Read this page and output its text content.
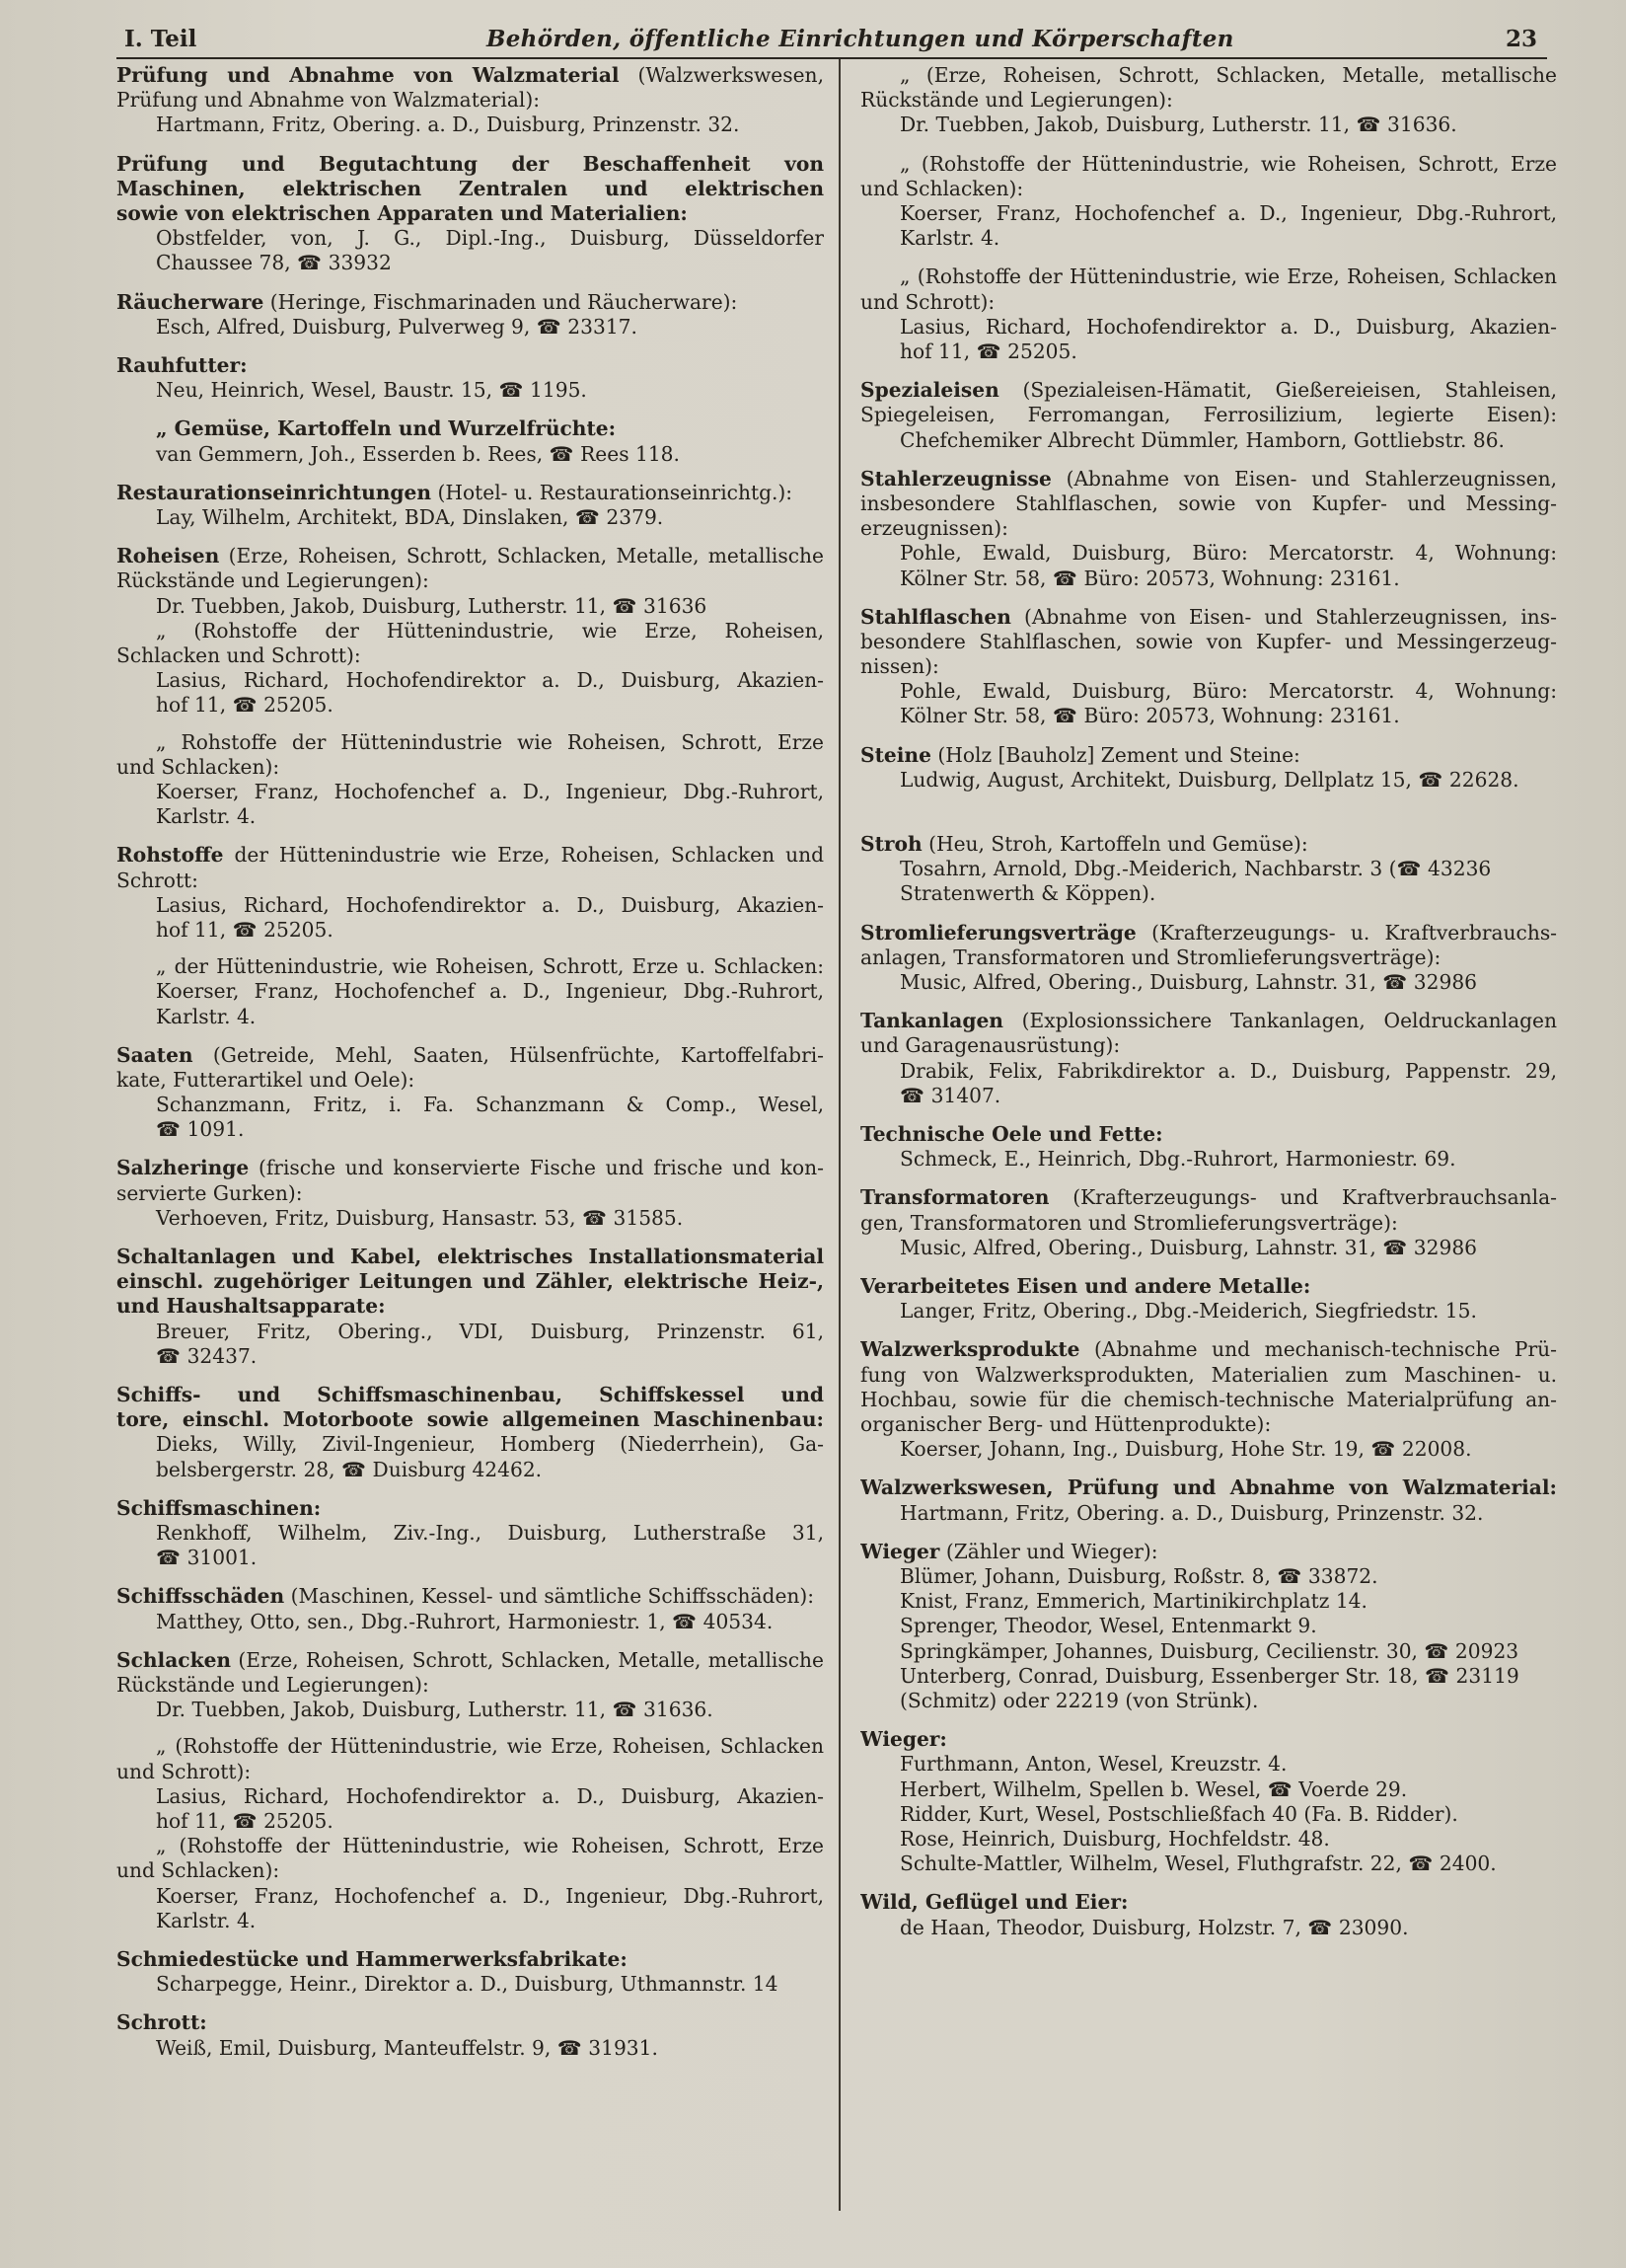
I. Teil	Behörden, öffentliche Einrichtungen und Körperschaften	23
Prüfung und Abnahme von Walzmaterial (Walzwerkswesen,
Prüfung und Abnahme von Walzmaterial):
Hartmann, Fritz, Obering. a. D., Duisburg, Prinzenstr. 32.
Prüfung und Begutachtung der Beschaffenheit von
Maschinen, elektrischen Zentralen und elektrischen
sowie von elektrischen Apparaten und Materialien:
Obstfelder, von, J. G., Dipl.-Ing., Duisburg, Düsseldorfer
Chaussee 78, ☎ 33932
Räucherware (Heringe, Fischmarinaden und Räucherware):
Esch, Alfred, Duisburg, Pulverweg 9, ☎ 23317.
Rauhfutter:
Neu, Heinrich, Wesel, Baustr. 15, ☎ 1195.
„ Gemüse, Kartoffeln und Wurzelfrüchte:
van Gemmern, Joh., Esserden b. Rees, ☎ Rees 118.
Restaurationseinrichtungen (Hotel- u. Restaurationseinrichtg.):
Lay, Wilhelm, Architekt, BDA, Dinslaken, ☎ 2379.
Roheisen (Erze, Roheisen, Schrott, Schlacken, Metalle, metallische
Rückstände und Legierungen):
Dr. Tuebben, Jakob, Duisburg, Lutherstr. 11, ☎ 31636
„ (Rohstoffe der Hüttenindustrie, wie Erze, Roheisen,
Schlacken und Schrott):
Lasius, Richard, Hochofendirektor a. D., Duisburg, Akazien-
hof 11, ☎ 25205.
„ Rohstoffe der Hüttenindustrie wie Roheisen, Schrott, Erze
und Schlacken):
Koerser, Franz, Hochofenchef a. D., Ingenieur, Dbg.-Ruhrort,
Karlstr. 4.
Rohstoffe der Hüttenindustrie wie Erze, Roheisen, Schlacken und
Schrott:
Lasius, Richard, Hochofendirektor a. D., Duisburg, Akazien-
hof 11, ☎ 25205.
„ der Hüttenindustrie, wie Roheisen, Schrott, Erze u. Schlacken:
Koerser, Franz, Hochofenchef a. D., Ingenieur, Dbg.-Ruhrort,
Karlstr. 4.
Saaten (Getreide, Mehl, Saaten, Hülsenfrüchte, Kartoffelfabri-
kate, Futterartikel und Oele):
Schanzmann, Fritz, i. Fa. Schanzmann & Comp., Wesel,
☎ 1091.
Salzheringe (frische und konservierte Fische und frische und kon-
servierte Gurken):
Verhoeven, Fritz, Duisburg, Hansastr. 53, ☎ 31585.
Schaltanlagen und Kabel, elektrisches Installationsmaterial
einschl. zugehöriger Leitungen und Zähler, elektrische Heiz-,
und Haushaltsapparate:
Breuer, Fritz, Obering., VDI, Duisburg, Prinzenstr. 61,
☎ 32437.
Schiffs- und Schiffsmaschinenbau, Schiffskessel und
tore, einschl. Motorboote sowie allgemeinen Maschinenbau:
Dieks, Willy, Zivil-Ingenieur, Homberg (Niederrhein), Ga-
belsbergerstr. 28, ☎ Duisburg 42462.
Schiffsmaschinen:
Renkhoff, Wilhelm, Ziv.-Ing., Duisburg, Lutherstraße 31,
☎ 31001.
Schiffsschäden (Maschinen, Kessel- und sämtliche Schiffsschäden):
Matthey, Otto, sen., Dbg.-Ruhrort, Harmoniestr. 1, ☎ 40534.
Schlacken (Erze, Roheisen, Schrott, Schlacken, Metalle, metallische
Rückstände und Legierungen):
Dr. Tuebben, Jakob, Duisburg, Lutherstr. 11, ☎ 31636.
„ (Rohstoffe der Hüttenindustrie, wie Erze, Roheisen, Schlacken
und Schrott):
Lasius, Richard, Hochofendirektor a. D., Duisburg, Akazien-
hof 11, ☎ 25205.
„ (Rohstoffe der Hüttenindustrie, wie Roheisen, Schrott, Erze
und Schlacken):
Koerser, Franz, Hochofenchef a. D., Ingenieur, Dbg.-Ruhrort,
Karlstr. 4.
Schmiedestücke und Hammerwerksfabrikate:
Scharpegge, Heinr., Direktor a. D., Duisburg, Uthmannstr. 14
Schrott:
Weiß, Emil, Duisburg, Manteuffelstr. 9, ☎ 31931.
„ (Erze, Roheisen, Schrott, Schlacken, Metalle, metallische
Rückstände und Legierungen):
Dr. Tuebben, Jakob, Duisburg, Lutherstr. 11, ☎ 31636.
„ (Rohstoffe der Hüttenindustrie, wie Roheisen, Schrott, Erze
und Schlacken):
Koerser, Franz, Hochofenchef a. D., Ingenieur, Dbg.-Ruhrort,
Karlstr. 4.
„ (Rohstoffe der Hüttenindustrie, wie Erze, Roheisen, Schlacken
und Schrott):
Lasius, Richard, Hochofendirektor a. D., Duisburg, Akazien-
hof 11, ☎ 25205.
Spezialeisen (Spezialeisen-Hämatit, Gießereieisen, Stahleisen,
Spiegeleisen, Ferromangan, Ferrosilizium, legierte Eisen):
Chefchemiker Albrecht Dümmler, Hamborn, Gottliebstr. 86.
Stahlerzeugnisse (Abnahme von Eisen- und Stahlerzeugnissen,
insbesondere Stahlflaschen, sowie von Kupfer- und Messing-
erzeugnissen):
Pohle, Ewald, Duisburg, Büro: Mercatorstr. 4, Wohnung:
Kölner Str. 58, ☎ Büro: 20573, Wohnung: 23161.
Stahlflaschen (Abnahme von Eisen- und Stahlerzeugnissen, ins-
besondere Stahlflaschen, sowie von Kupfer- und Messingerzeug-
nissen):
Pohle, Ewald, Duisburg, Büro: Mercatorstr. 4, Wohnung:
Kölner Str. 58, ☎ Büro: 20573, Wohnung: 23161.
Steine (Holz [Bauholz] Zement und Steine:
Ludwig, August, Architekt, Duisburg, Dellplatz 15, ☎ 22628.
Stroh (Heu, Stroh, Kartoffeln und Gemüse):
Tosahrn, Arnold, Dbg.-Meiderich, Nachbarstr. 3 (☎ 43236
Stratenwerth & Köppen).
Stromlieferungsverträge (Krafterzeugungs- u. Kraftverbrauchs-
anlagen, Transformatoren und Stromlieferungsverträge):
Music, Alfred, Obering., Duisburg, Lahnstr. 31, ☎ 32986
Tankanlagen (Explosionssichere Tankanlagen, Oeldruckanlagen
und Garagenausrüstung):
Drabik, Felix, Fabrikdirektor a. D., Duisburg, Pappenstr. 29,
☎ 31407.
Technische Oele und Fette:
Schmeck, E., Heinrich, Dbg.-Ruhrort, Harmoniestr. 69.
Transformatoren (Krafterzeugungs- und Kraftverbrauchsanla-
gen, Transformatoren und Stromlieferungsverträge):
Music, Alfred, Obering., Duisburg, Lahnstr. 31, ☎ 32986
Verarbeitetes Eisen und andere Metalle:
Langer, Fritz, Obering., Dbg.-Meiderich, Siegfriedstr. 15.
Walzwerksprodukte (Abnahme und mechanisch-technische Prü-
fung von Walzwerksprodukten, Materialien zum Maschinen- u.
Hochbau, sowie für die chemisch-technische Materialprüfung an-
organischer Berg- und Hüttenprodukte):
Koerser, Johann, Ing., Duisburg, Hohe Str. 19, ☎ 22008.
Walzwerkswesen, Prüfung und Abnahme von Walzmaterial:
Hartmann, Fritz, Obering. a. D., Duisburg, Prinzenstr. 32.
Wieger (Zähler und Wieger):
Blümer, Johann, Duisburg, Roßstr. 8, ☎ 33872.
Knist, Franz, Emmerich, Martinikirchplatz 14.
Sprenger, Theodor, Wesel, Entenmarkt 9.
Springkämper, Johannes, Duisburg, Cecilienstr. 30, ☎ 20923
Unterberg, Conrad, Duisburg, Essenberger Str. 18, ☎ 23119
(Schmitz) oder 22219 (von Strünk).
Wieger:
Furthmann, Anton, Wesel, Kreuzstr. 4.
Herbert, Wilhelm, Spellen b. Wesel, ☎ Voerde 29.
Ridder, Kurt, Wesel, Postschließfach 40 (Fa. B. Ridder).
Rose, Heinrich, Duisburg, Hochfeldstr. 48.
Schulte-Mattler, Wilhelm, Wesel, Fluthgrafstr. 22, ☎ 2400.
Wild, Geflügel und Eier:
de Haan, Theodor, Duisburg, Holzstr. 7, ☎ 23090.
